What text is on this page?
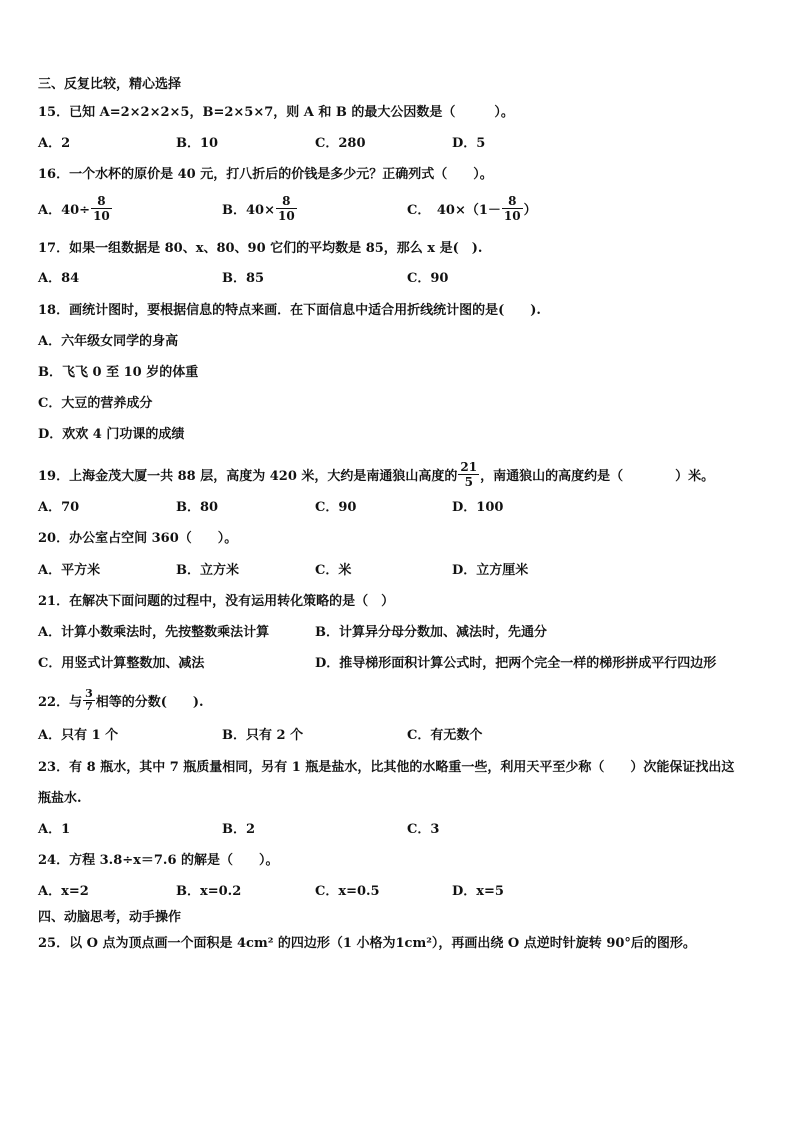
三、反复比较，精心选择
15．已知 A=2×2×2×5，B=2×5×7，则 A 和 B 的最大公因数是（　　　）。
A．2	B．10	C．280	D．5
16．一个水杯的原价是 40 元，打八折后的价钱是多少元？正确列式（　　）。
A．$40\div \frac{8}{10}$	B．$40\times \frac{8}{10}$	C．　$40\times(1- \frac{8}{10}$ ）
17．如果一组数据是 80、x、80、90 它们的平均数是 85，那么 x 是(　).
A．84	B．85	C．90
18．画统计图时，要根据信息的特点来画．在下面信息中适合用折线统计图的是(　　).
A．六年级女同学的身高
B．飞飞 0 至 10 岁的体重
C．大豆的营养成分
D．欢欢 4 门功课的成绩
19．上海金茂大厦一共 88 层，高度为 420 米，大约是南通狼山高度的 $\frac{21}{5}$ ，南通狼山的高度约是（　　　　）米。
A．70	B．80	C．90	D．100
20．办公室占空间 360（　　）。
A．平方米	B．立方米	C．米	D．立方厘米
21．在解决下面问题的过程中，没有运用转化策略的是（　）
A．计算小数乘法时，先按整数乘法计算	B．计算异分母分数加、减法时，先通分
C．用竖式计算整数加、减法	D．推导梯形面积计算公式时，把两个完全一样的梯形拼成平行四边形
22．与 $\frac{3}{7}$ 相等的分数(　　).
A．只有 1 个	B．只有 2 个	C．有无数个
23．有 8 瓶水，其中 7 瓶质量相同，另有 1 瓶是盐水，比其他的水略重一些，利用天平至少称（　　）次能保证找出这
瓶盐水.
A．1	B．2	C．3
24．方程 3.8÷x＝7.6 的解是（　　）。
A．x=2	B．x=0.2	C．x=0.5	D．x=5
四、动脑思考，动手操作
25．以 O 点为顶点画一个面积是 4cm² 的四边形（1 小格为1cm²），再画出绕 O 点逆时针旋转 90°后的图形。
